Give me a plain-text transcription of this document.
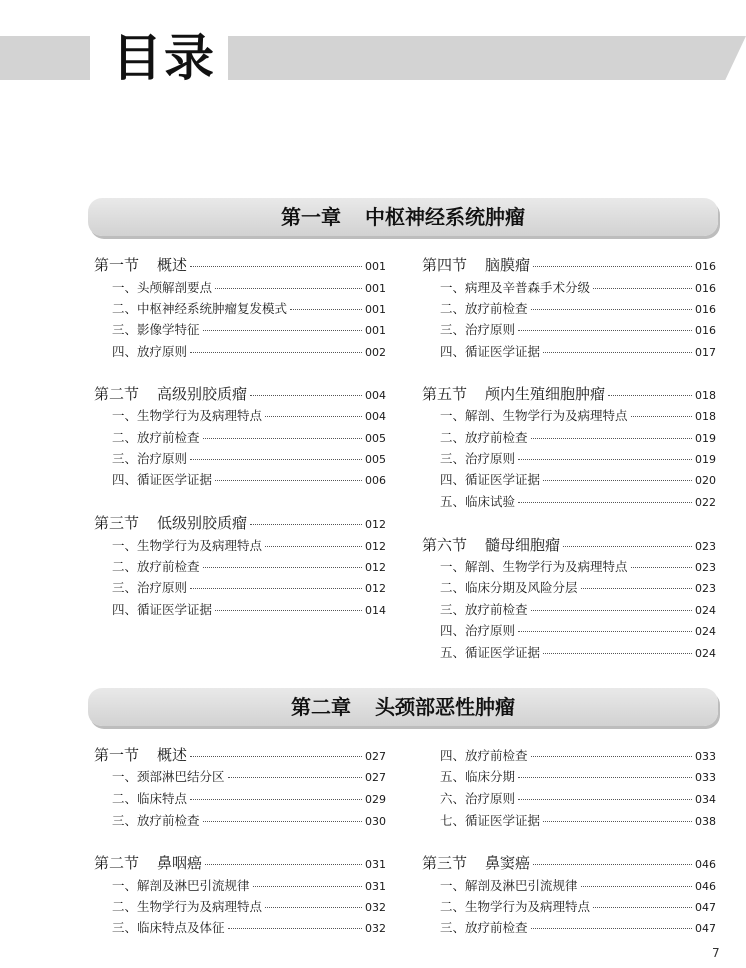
目录
第一章 中枢神经系统肿瘤
第一节 概述	001
一、头颅解剖要点	001
二、中枢神经系统肿瘤复发模式	001
三、影像学特征	001
四、放疗原则	002
第二节 高级别胶质瘤	004
一、生物学行为及病理特点	004
二、放疗前检查	005
三、治疗原则	005
四、循证医学证据	006
第三节 低级别胶质瘤	012
一、生物学行为及病理特点	012
二、放疗前检查	012
三、治疗原则	012
四、循证医学证据	014
第四节 脑膜瘤	016
一、病理及辛普森手术分级	016
二、放疗前检查	016
三、治疗原则	016
四、循证医学证据	017
第五节 颅内生殖细胞肿瘤	018
一、解剖、生物学行为及病理特点	018
二、放疗前检查	019
三、治疗原则	019
四、循证医学证据	020
五、临床试验	022
第六节 髓母细胞瘤	023
一、解剖、生物学行为及病理特点	023
二、临床分期及风险分层	023
三、放疗前检查	024
四、治疗原则	024
五、循证医学证据	024
第二章 头颈部恶性肿瘤
第一节 概述	027
一、颈部淋巴结分区	027
二、临床特点	029
三、放疗前检查	030
第二节 鼻咽癌	031
一、解剖及淋巴引流规律	031
二、生物学行为及病理特点	032
三、临床特点及体征	032
四、放疗前检查	033
五、临床分期	033
六、治疗原则	034
七、循证医学证据	038
第三节 鼻窦癌	046
一、解剖及淋巴引流规律	046
二、生物学行为及病理特点	047
三、放疗前检查	047
7
